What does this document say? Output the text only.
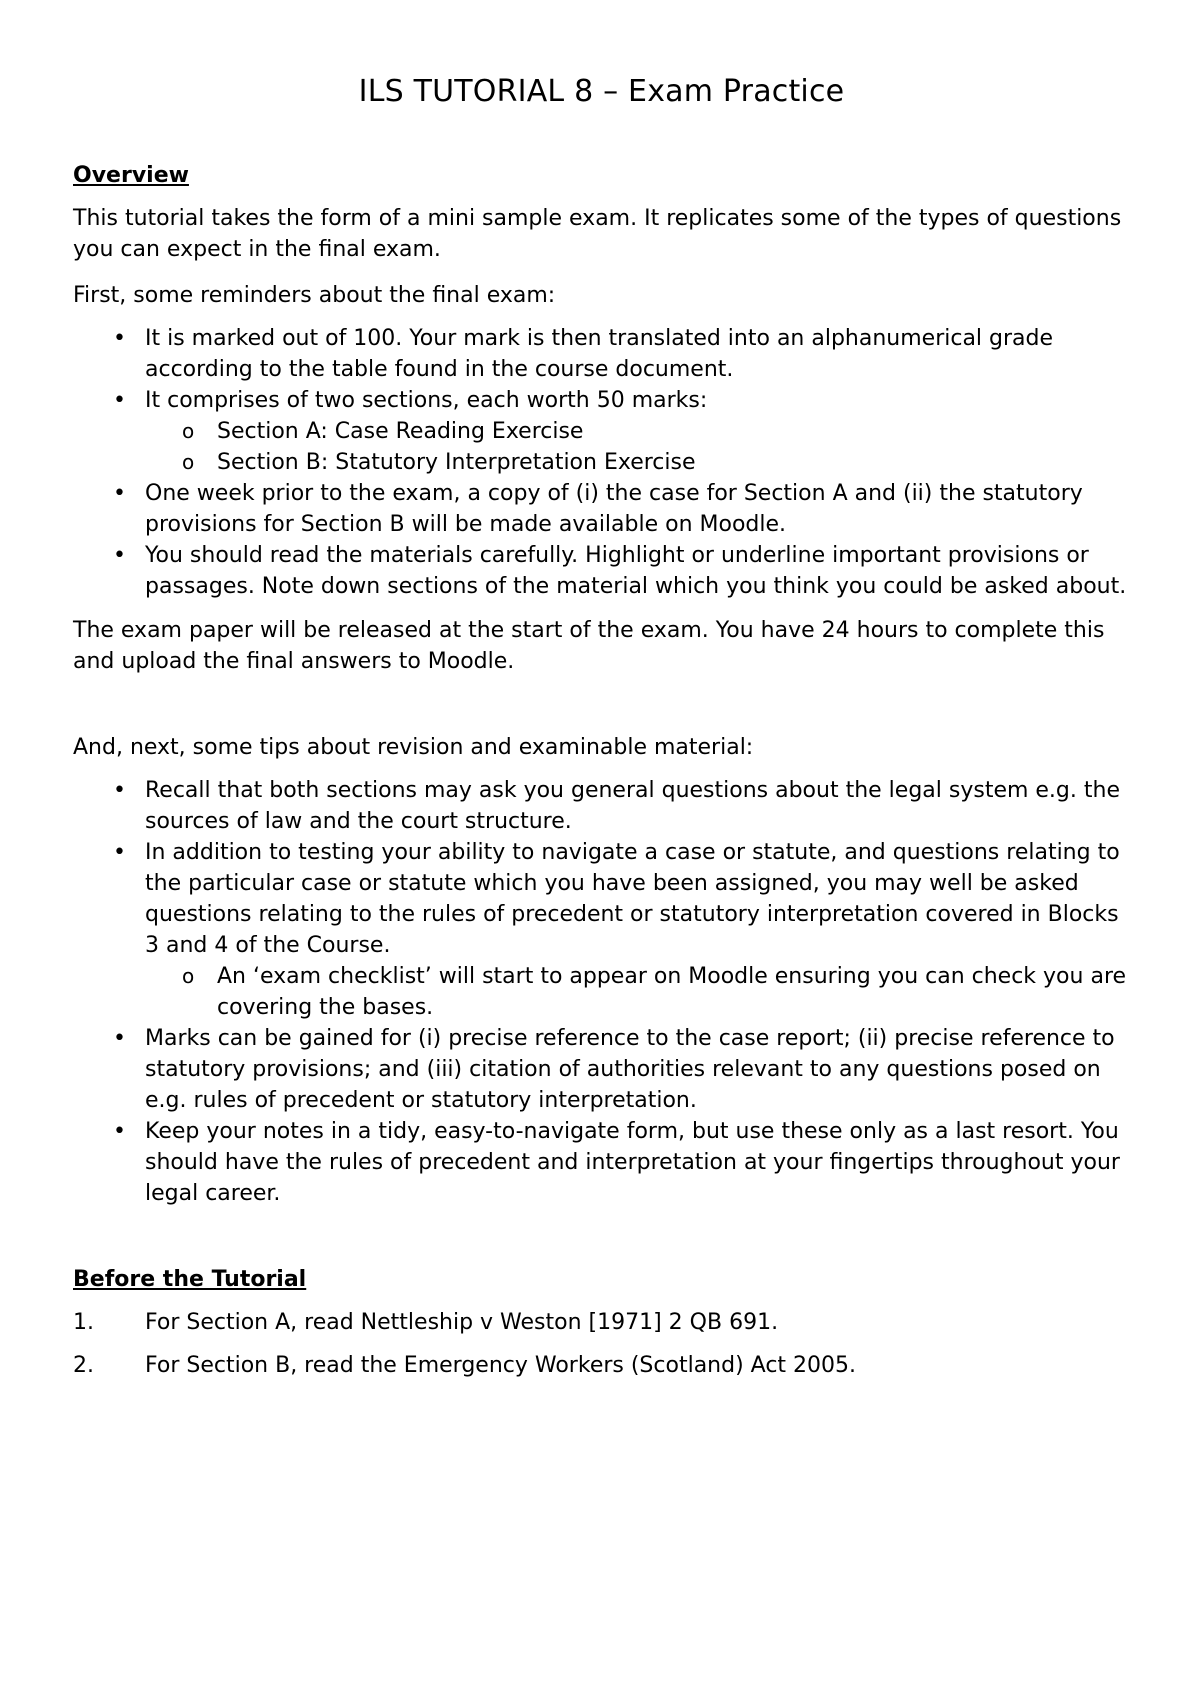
ILS TUTORIAL 8 – Exam Practice
Overview

This tutorial takes the form of a mini sample exam. It replicates some of the types of questions you can expect in the final exam.

First, some reminders about the final exam:

• It is marked out of 100. Your mark is then translated into an alphanumerical grade according to the table found in the course document.
• It comprises of two sections, each worth 50 marks:
o Section A: Case Reading Exercise
o Section B: Statutory Interpretation Exercise
• One week prior to the exam, a copy of (i) the case for Section A and (ii) the statutory provisions for Section B will be made available on Moodle.
• You should read the materials carefully. Highlight or underline important provisions or passages. Note down sections of the material which you think you could be asked about.

The exam paper will be released at the start of the exam. You have 24 hours to complete this and upload the final answers to Moodle.

And, next, some tips about revision and examinable material:

• Recall that both sections may ask you general questions about the legal system e.g. the sources of law and the court structure.
• In addition to testing your ability to navigate a case or statute, and questions relating to the particular case or statute which you have been assigned, you may well be asked questions relating to the rules of precedent or statutory interpretation covered in Blocks 3 and 4 of the Course.
o An ‘exam checklist’ will start to appear on Moodle ensuring you can check you are covering the bases.
• Marks can be gained for (i) precise reference to the case report; (ii) precise reference to statutory provisions; and (iii) citation of authorities relevant to any questions posed on e.g. rules of precedent or statutory interpretation.
• Keep your notes in a tidy, easy-to-navigate form, but use these only as a last resort. You should have the rules of precedent and interpretation at your fingertips throughout your legal career.
Before the Tutorial
1. For Section A, read Nettleship v Weston [1971] 2 QB 691.
2. For Section B, read the Emergency Workers (Scotland) Act 2005.
